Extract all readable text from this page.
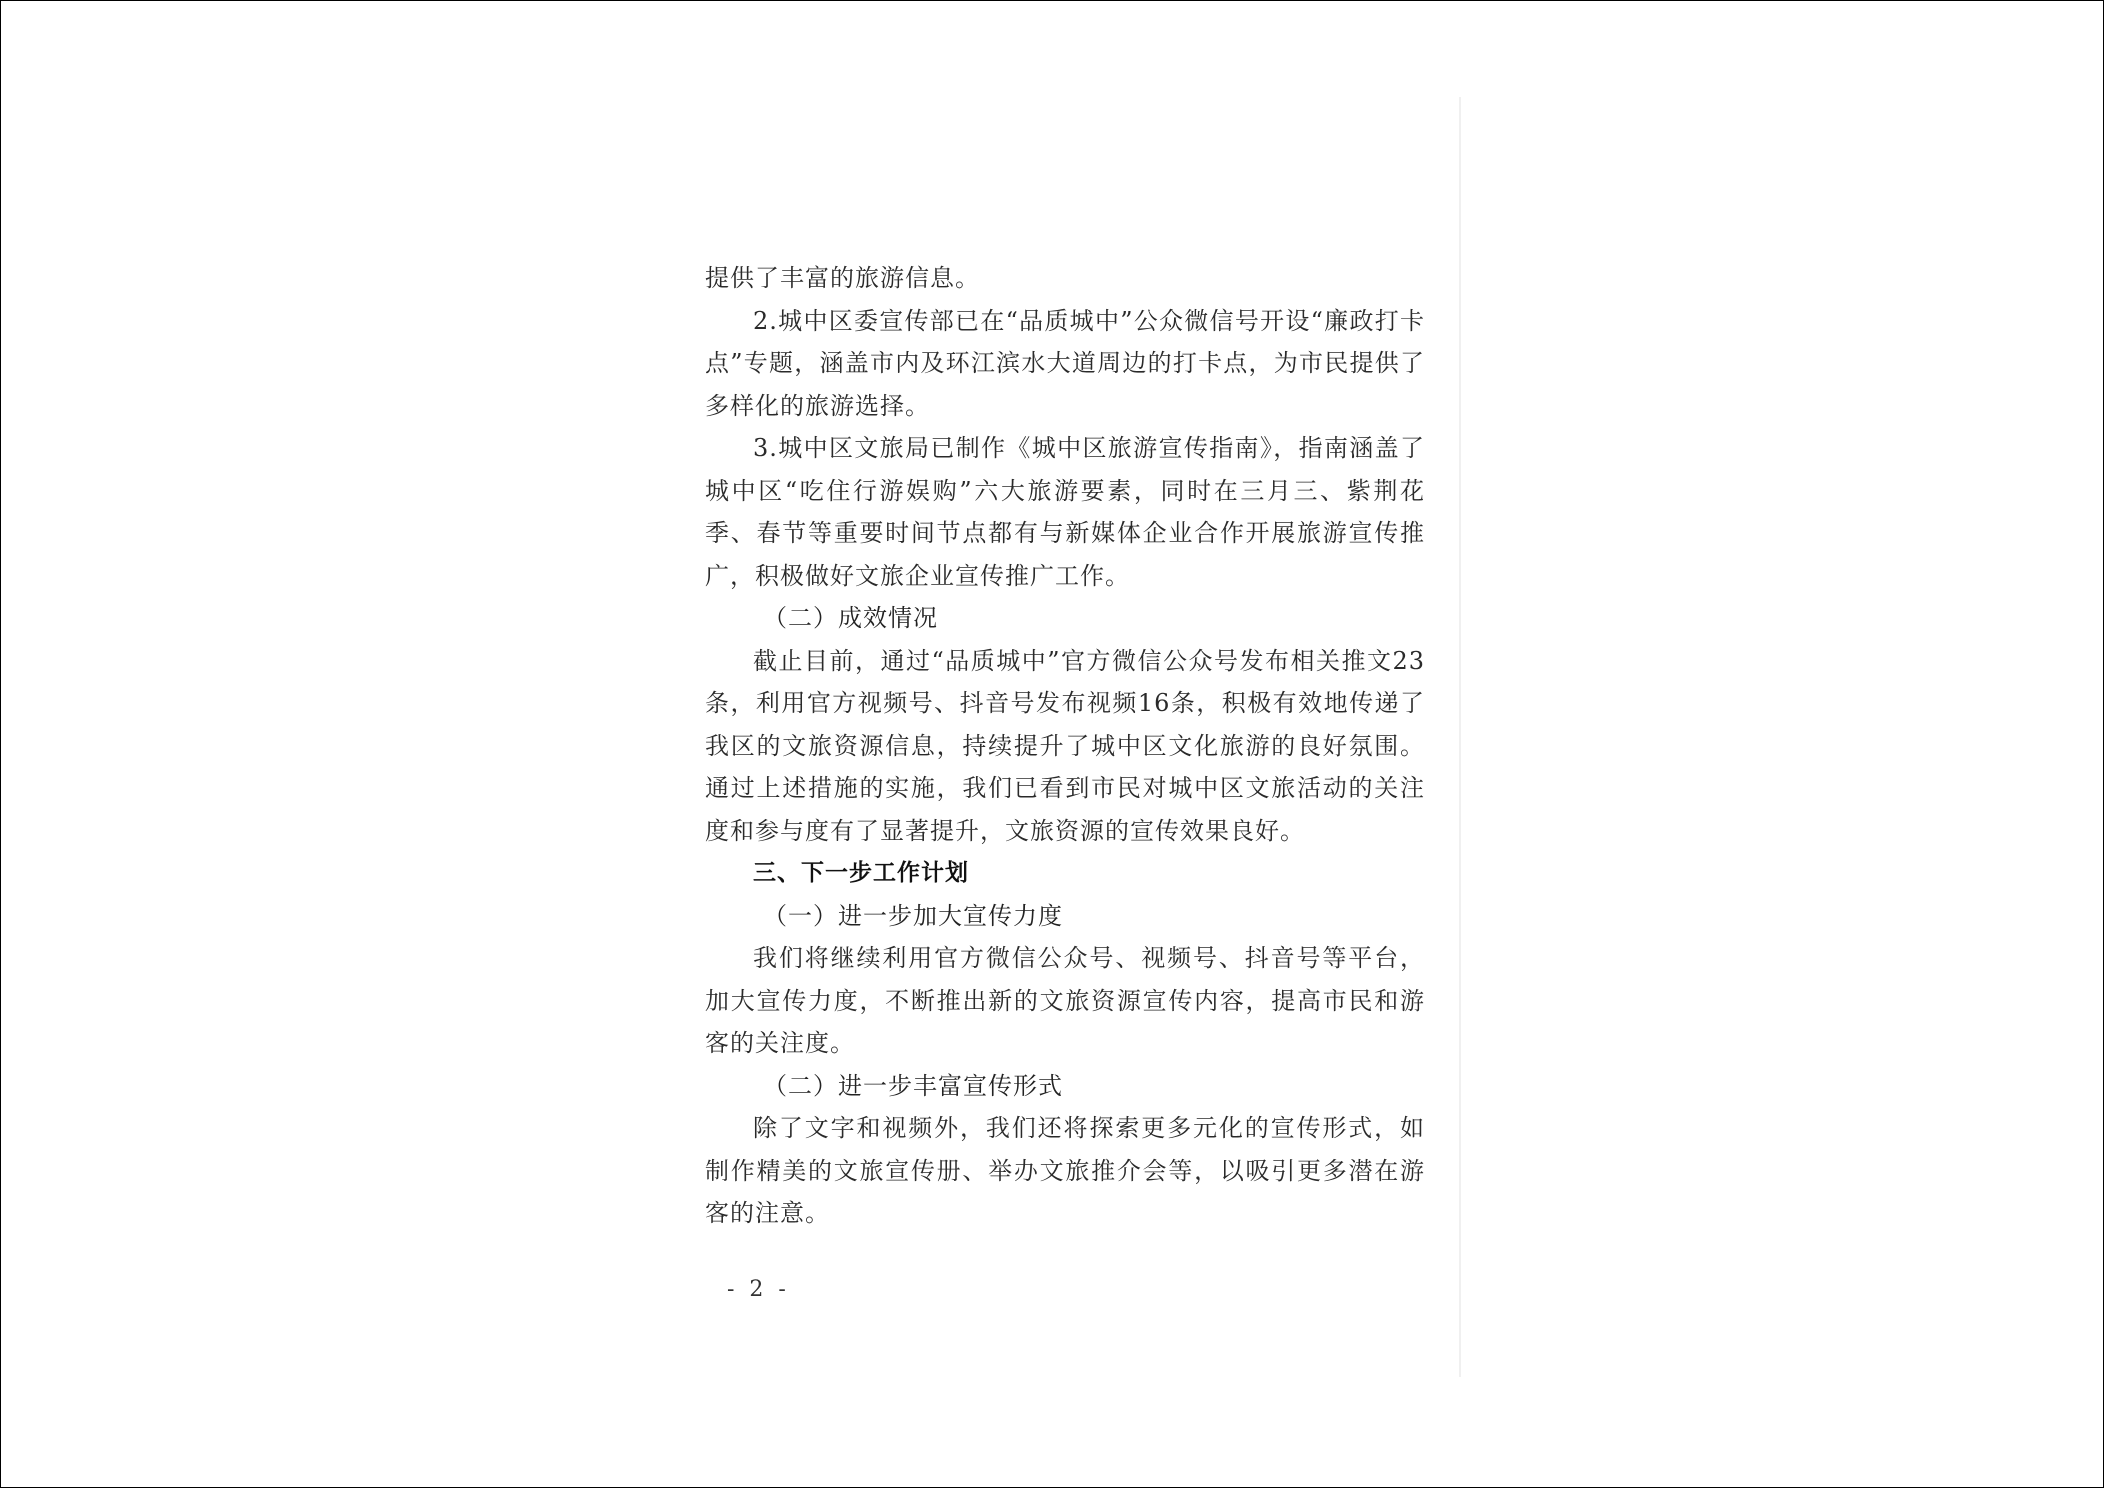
提供了丰富的旅游信息。

2.城中区委宣传部已在“品质城中”公众微信号开设“廉政打卡点”专题，涵盖市内及环江滨水大道周边的打卡点，为市民提供了多样化的旅游选择。

3.城中区文旅局已制作《城中区旅游宣传指南》，指南涵盖了城中区“吃住行游娱购”六大旅游要素，同时在三月三、紫荆花季、春节等重要时间节点都有与新媒体企业合作开展旅游宣传推广，积极做好文旅企业宣传推广工作。

（二）成效情况

截止目前，通过“品质城中”官方微信公众号发布相关推文23条，利用官方视频号、抖音号发布视频16条，积极有效地传递了我区的文旅资源信息，持续提升了城中区文化旅游的良好氛围。通过上述措施的实施，我们已看到市民对城中区文旅活动的关注度和参与度有了显著提升，文旅资源的宣传效果良好。

三、下一步工作计划

（一）进一步加大宣传力度

我们将继续利用官方微信公众号、视频号、抖音号等平台，加大宣传力度，不断推出新的文旅资源宣传内容，提高市民和游客的关注度。

（二）进一步丰富宣传形式

除了文字和视频外，我们还将探索更多元化的宣传形式，如制作精美的文旅宣传册、举办文旅推介会等，以吸引更多潜在游客的注意。

- 2 -
